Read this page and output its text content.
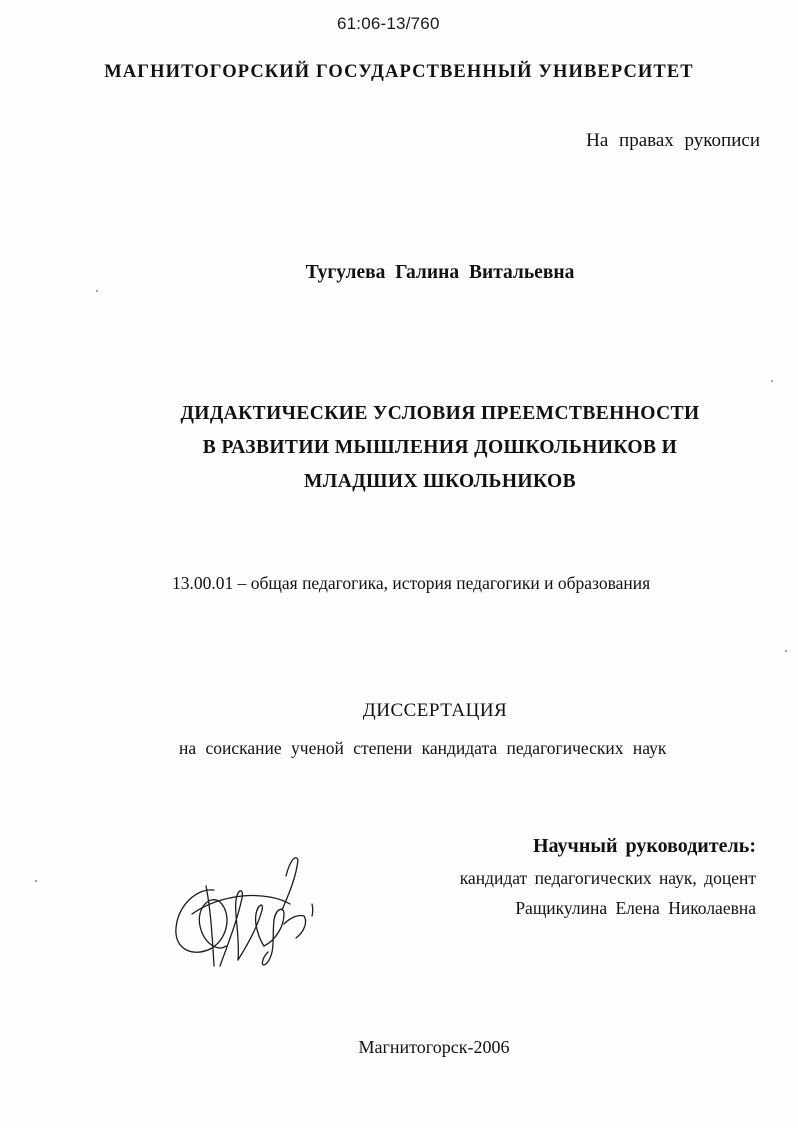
61:06-13/760
МАГНИТОГОРСКИЙ ГОСУДАРСТВЕННЫЙ УНИВЕРСИТЕТ
На правах рукописи
Тугулева Галина Витальевна
ДИДАКТИЧЕСКИЕ УСЛОВИЯ ПРЕЕМСТВЕННОСТИ
В РАЗВИТИИ МЫШЛЕНИЯ ДОШКОЛЬНИКОВ И
МЛАДШИХ ШКОЛЬНИКОВ
13.00.01 – общая педагогика, история педагогики и образования
ДИССЕРТАЦИЯ
на соискание ученой степени кандидата педагогических наук
Научный руководитель:
кандидат педагогических наук, доцент
Ращикулина Елена Николаевна
Магнитогорск-2006
